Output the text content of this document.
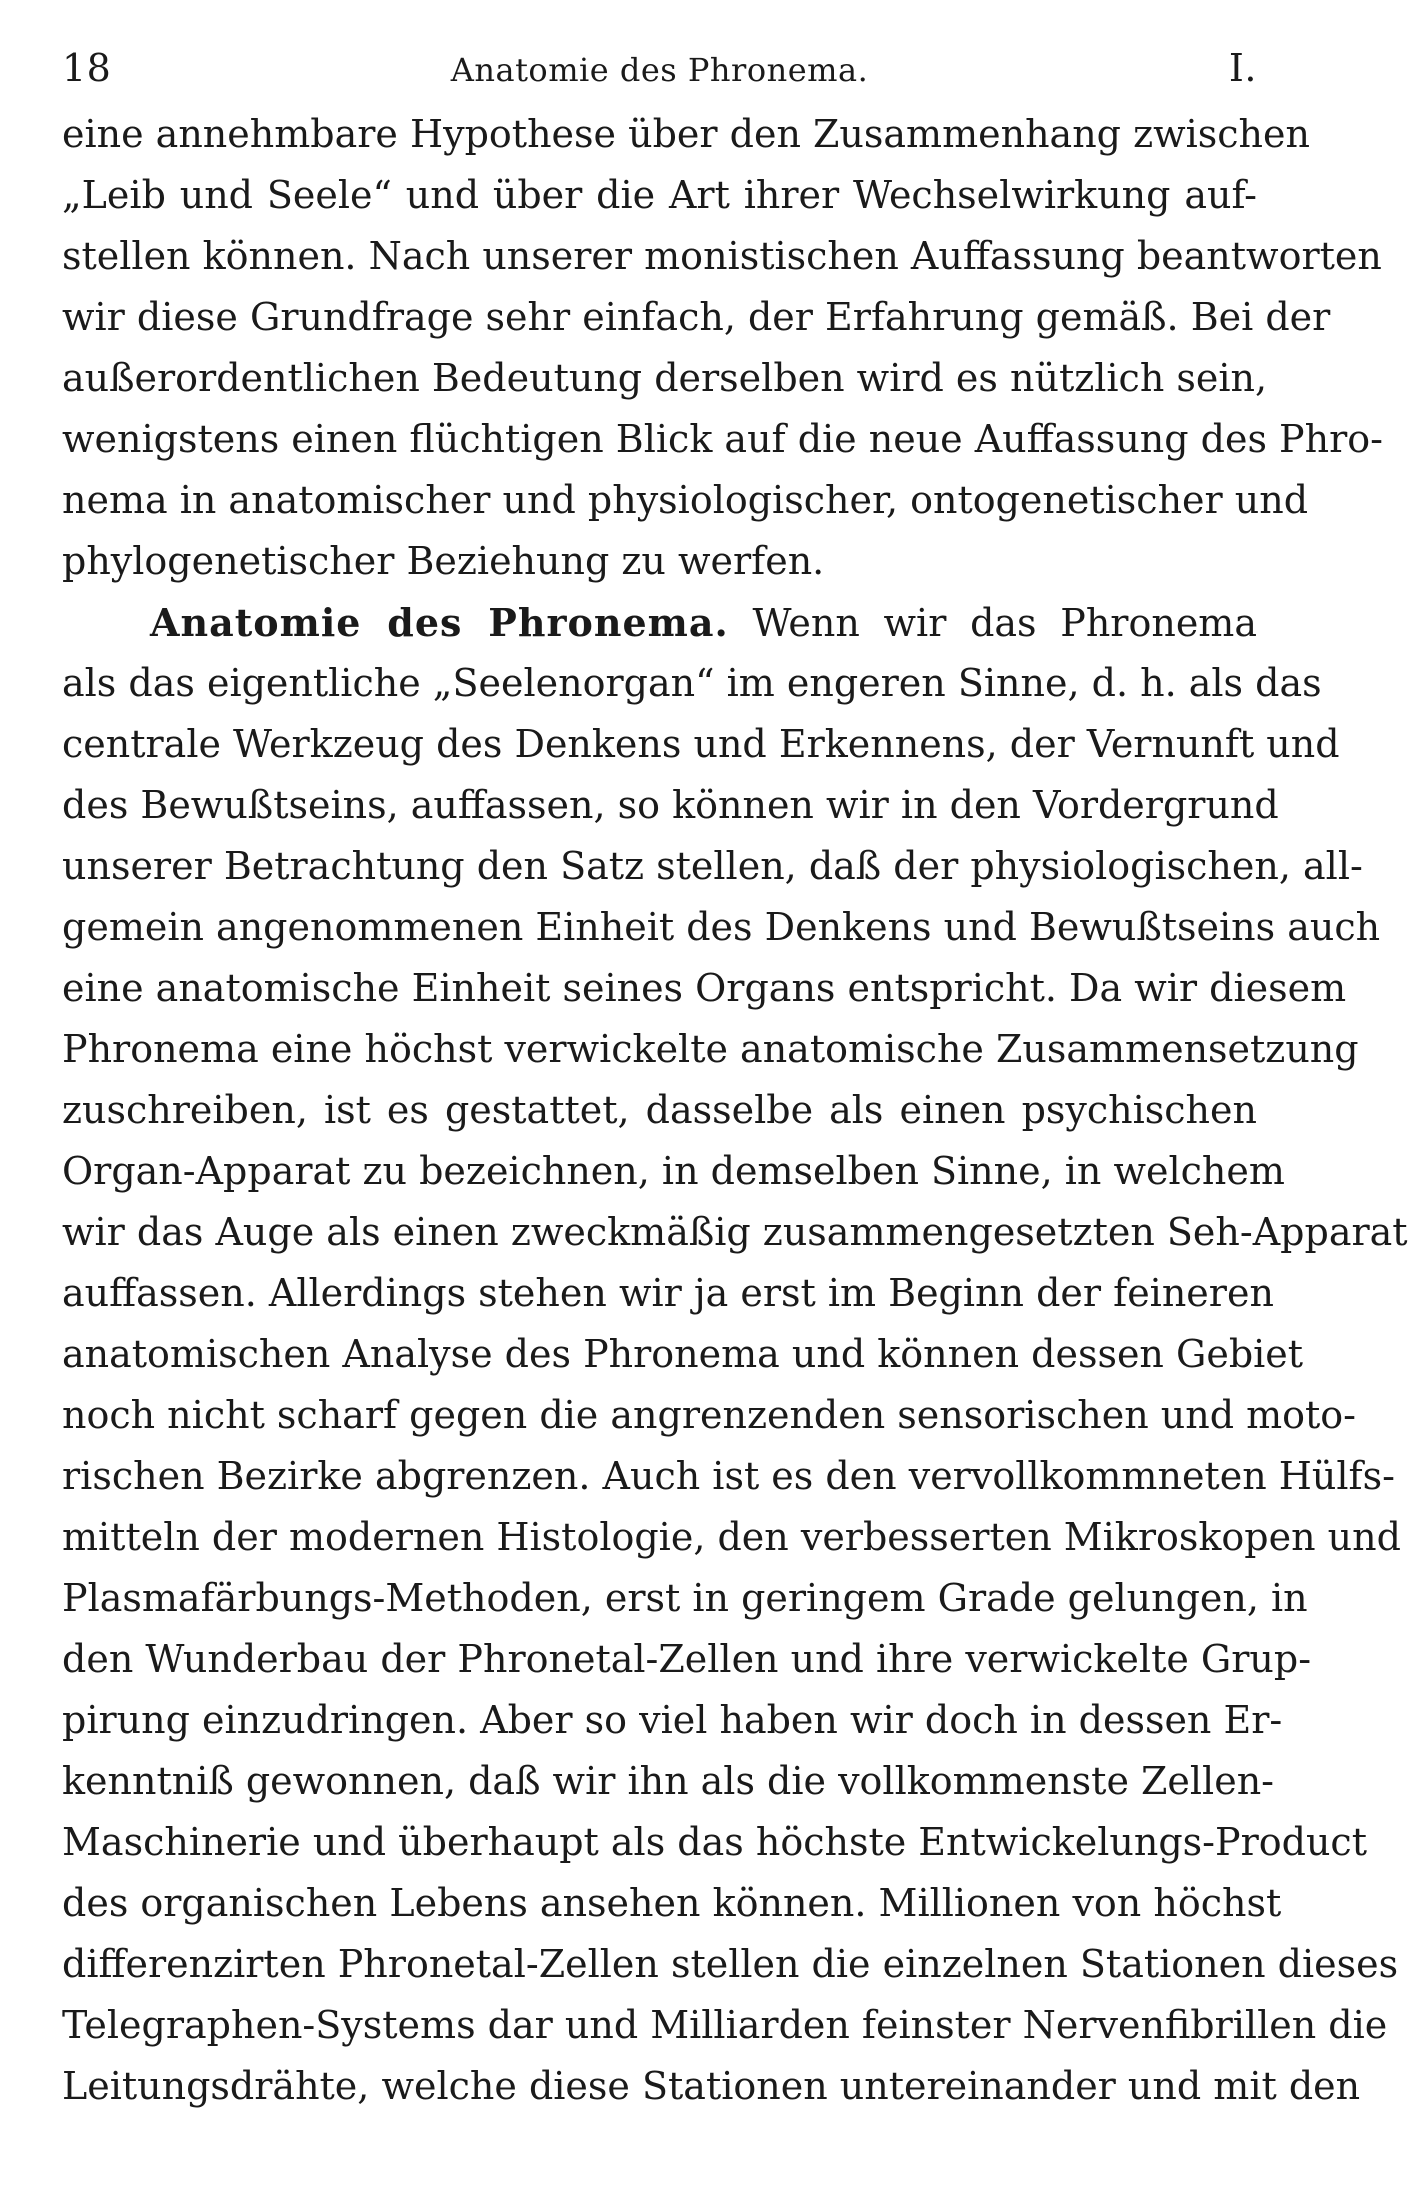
18	Anatomie des Phronema.	I.
eine annehmbare Hypothese über den Zusammenhang zwischen
„Leib und Seele“ und über die Art ihrer Wechselwirkung auf-
stellen können. Nach unserer monistischen Auffassung beantworten
wir diese Grundfrage sehr einfach, der Erfahrung gemäß. Bei der
außerordentlichen Bedeutung derselben wird es nützlich sein,
wenigstens einen flüchtigen Blick auf die neue Auffassung des Phro-
nema in anatomischer und physiologischer, ontogenetischer und
phylogenetischer Beziehung zu werfen.
Anatomie des Phronema. Wenn wir das Phronema
als das eigentliche „Seelenorgan“ im engeren Sinne, d. h. als das
centrale Werkzeug des Denkens und Erkennens, der Vernunft und
des Bewußtseins, auffassen, so können wir in den Vordergrund
unserer Betrachtung den Satz stellen, daß der physiologischen, all-
gemein angenommenen Einheit des Denkens und Bewußtseins auch
eine anatomische Einheit seines Organs entspricht. Da wir diesem
Phronema eine höchst verwickelte anatomische Zusammensetzung
zuschreiben, ist es gestattet, dasselbe als einen psychischen
Organ-Apparat zu bezeichnen, in demselben Sinne, in welchem
wir das Auge als einen zweckmäßig zusammengesetzten Seh-Apparat
auffassen. Allerdings stehen wir ja erst im Beginn der feineren
anatomischen Analyse des Phronema und können dessen Gebiet
noch nicht scharf gegen die angrenzenden sensorischen und moto-
rischen Bezirke abgrenzen. Auch ist es den vervollkommneten Hülfs-
mitteln der modernen Histologie, den verbesserten Mikroskopen und
Plasmafärbungs-Methoden, erst in geringem Grade gelungen, in
den Wunderbau der Phronetal-Zellen und ihre verwickelte Grup-
pirung einzudringen. Aber so viel haben wir doch in dessen Er-
kenntniß gewonnen, daß wir ihn als die vollkommenste Zellen-
Maschinerie und überhaupt als das höchste Entwickelungs-Product
des organischen Lebens ansehen können. Millionen von höchst
differenzirten Phronetal-Zellen stellen die einzelnen Stationen dieses
Telegraphen-Systems dar und Milliarden feinster Nervenfibrillen die
Leitungsdrähte, welche diese Stationen untereinander und mit den
